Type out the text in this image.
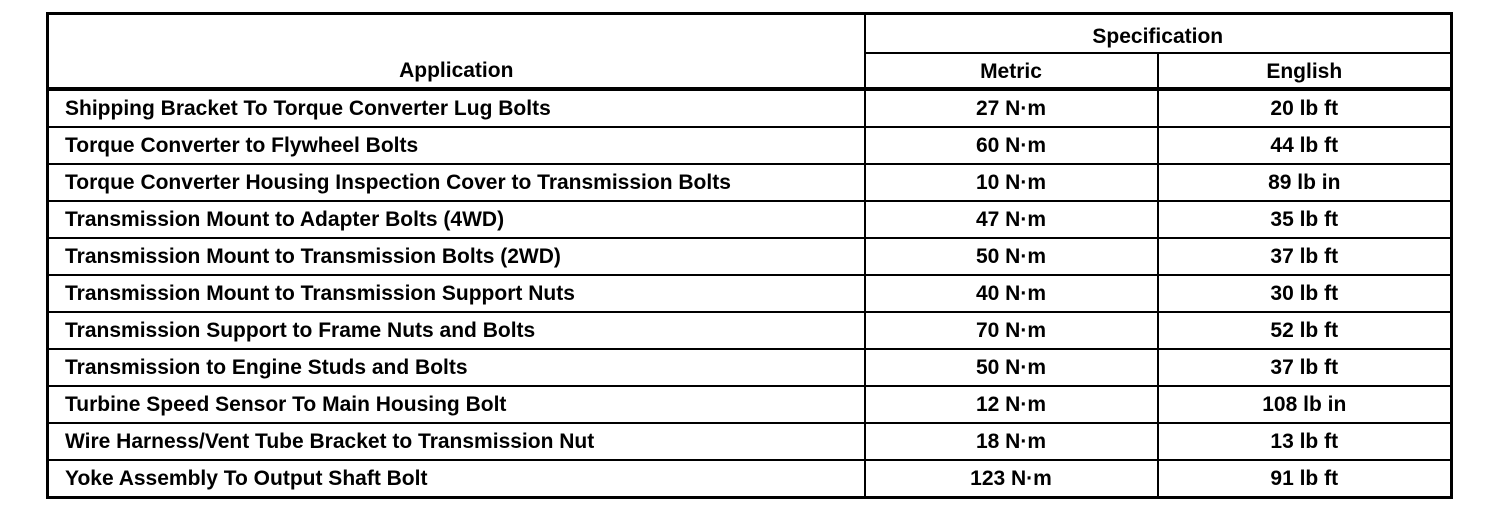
Application	Specification	
	Metric	English
Shipping Bracket To Torque Converter Lug Bolts	27 N·m	20 lb ft
Torque Converter to Flywheel Bolts	60 N·m	44 lb ft
Torque Converter Housing Inspection Cover to Transmission Bolts	10 N·m	89 lb in
Transmission Mount to Adapter Bolts (4WD)	47 N·m	35 lb ft
Transmission Mount to Transmission Bolts (2WD)	50 N·m	37 lb ft
Transmission Mount to Transmission Support Nuts	40 N·m	30 lb ft
Transmission Support to Frame Nuts and Bolts	70 N·m	52 lb ft
Transmission to Engine Studs and Bolts	50 N·m	37 lb ft
Turbine Speed Sensor To Main Housing Bolt	12 N·m	108 lb in
Wire Harness/Vent Tube Bracket to Transmission Nut	18 N·m	13 lb ft
Yoke Assembly To Output Shaft Bolt	123 N·m	91 lb ft
